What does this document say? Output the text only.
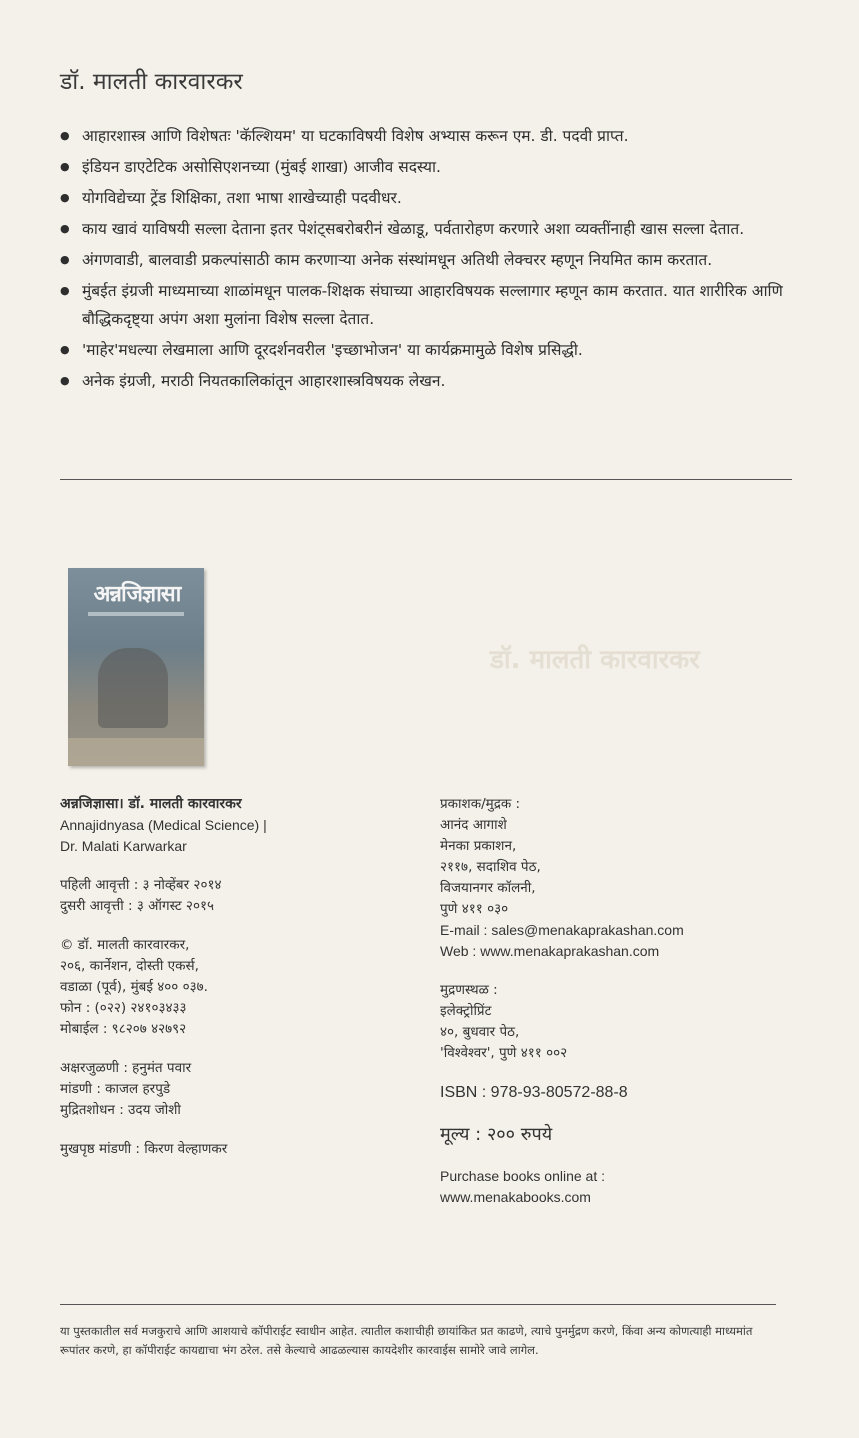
डॉ. मालती कारवारकर
● आहारशास्त्र आणि विशेषतः 'कॅल्शियम' या घटकाविषयी विशेष अभ्यास करून एम. डी. पदवी प्राप्त.
● इंडियन डाएटेटिक असोसिएशनच्या (मुंबई शाखा) आजीव सदस्या.
● योगविद्येच्या ट्रेंड शिक्षिका, तशा भाषा शाखेच्याही पदवीधर.
● काय खावं याविषयी सल्ला देताना इतर पेशंट्सबरोबरीनं खेळाडू, पर्वतारोहण करणारे अशा व्यक्तींनाही खास सल्ला देतात.
● अंगणवाडी, बालवाडी प्रकल्पांसाठी काम करणाऱ्या अनेक संस्थांमधून अतिथी लेक्चरर म्हणून नियमित काम करतात.
● मुंबईत इंग्रजी माध्यमाच्या शाळांमधून पालक-शिक्षक संघाच्या आहारविषयक सल्लागार म्हणून काम करतात. यात शारीरिक आणि बौद्धिकदृष्ट्या अपंग अशा मुलांना विशेष सल्ला देतात.
● 'माहेर'मधल्या लेखमाला आणि दूरदर्शनवरील 'इच्छाभोजन' या कार्यक्रमामुळे विशेष प्रसिद्धी.
● अनेक इंग्रजी, मराठी नियतकालिकांतून आहारशास्त्रविषयक लेखन.
अन्नजिज्ञासा
डॉ. मालती कारवारकर
अन्नजिज्ञासा। डॉ. मालती कारवारकर
Annajidnyasa (Medical Science) |
Dr. Malati Karwarkar
पहिली आवृत्ती : ३ नोव्हेंबर २०१४
दुसरी आवृत्ती : ३ ऑगस्ट २०१५
© डॉ. मालती कारवारकर,
२०६, कार्नेशन, दोस्ती एकर्स,
वडाळा (पूर्व), मुंबई ४०० ०३७.
फोन : (०२२) २४१०३४३३
मोबाईल : ९८२०७ ४२७९२
अक्षरजुळणी : हनुमंत पवार
मांडणी : काजल हरपुडे
मुद्रितशोधन : उदय जोशी
मुखपृष्ठ मांडणी : किरण वेल्हाणकर
प्रकाशक/मुद्रक :
आनंद आगाशे
मेनका प्रकाशन,
२११७, सदाशिव पेठ,
विजयानगर कॉलनी,
पुणे ४११ ०३०
E-mail : sales@menakaprakashan.com
Web : www.menakaprakashan.com
मुद्रणस्थळ :
इलेक्ट्रोप्रिंट
४०, बुधवार पेठ,
'विश्वेश्वर', पुणे ४११ ००२
ISBN : 978-93-80572-88-8
मूल्य : २०० रुपये
Purchase books online at :
www.menakabooks.com
या पुस्तकातील सर्व मजकुराचे आणि आशयाचे कॉपीराईट स्वाधीन आहेत. त्यातील कशाचीही छायांकित प्रत काढणे, त्याचे पुनर्मुद्रण करणे, किंवा अन्य कोणत्याही माध्यमांत रूपांतर करणे, हा कॉपीराईट कायद्याचा भंग ठरेल. तसे केल्याचे आढळल्यास कायदेशीर कारवाईस सामोरे जावे लागेल.
